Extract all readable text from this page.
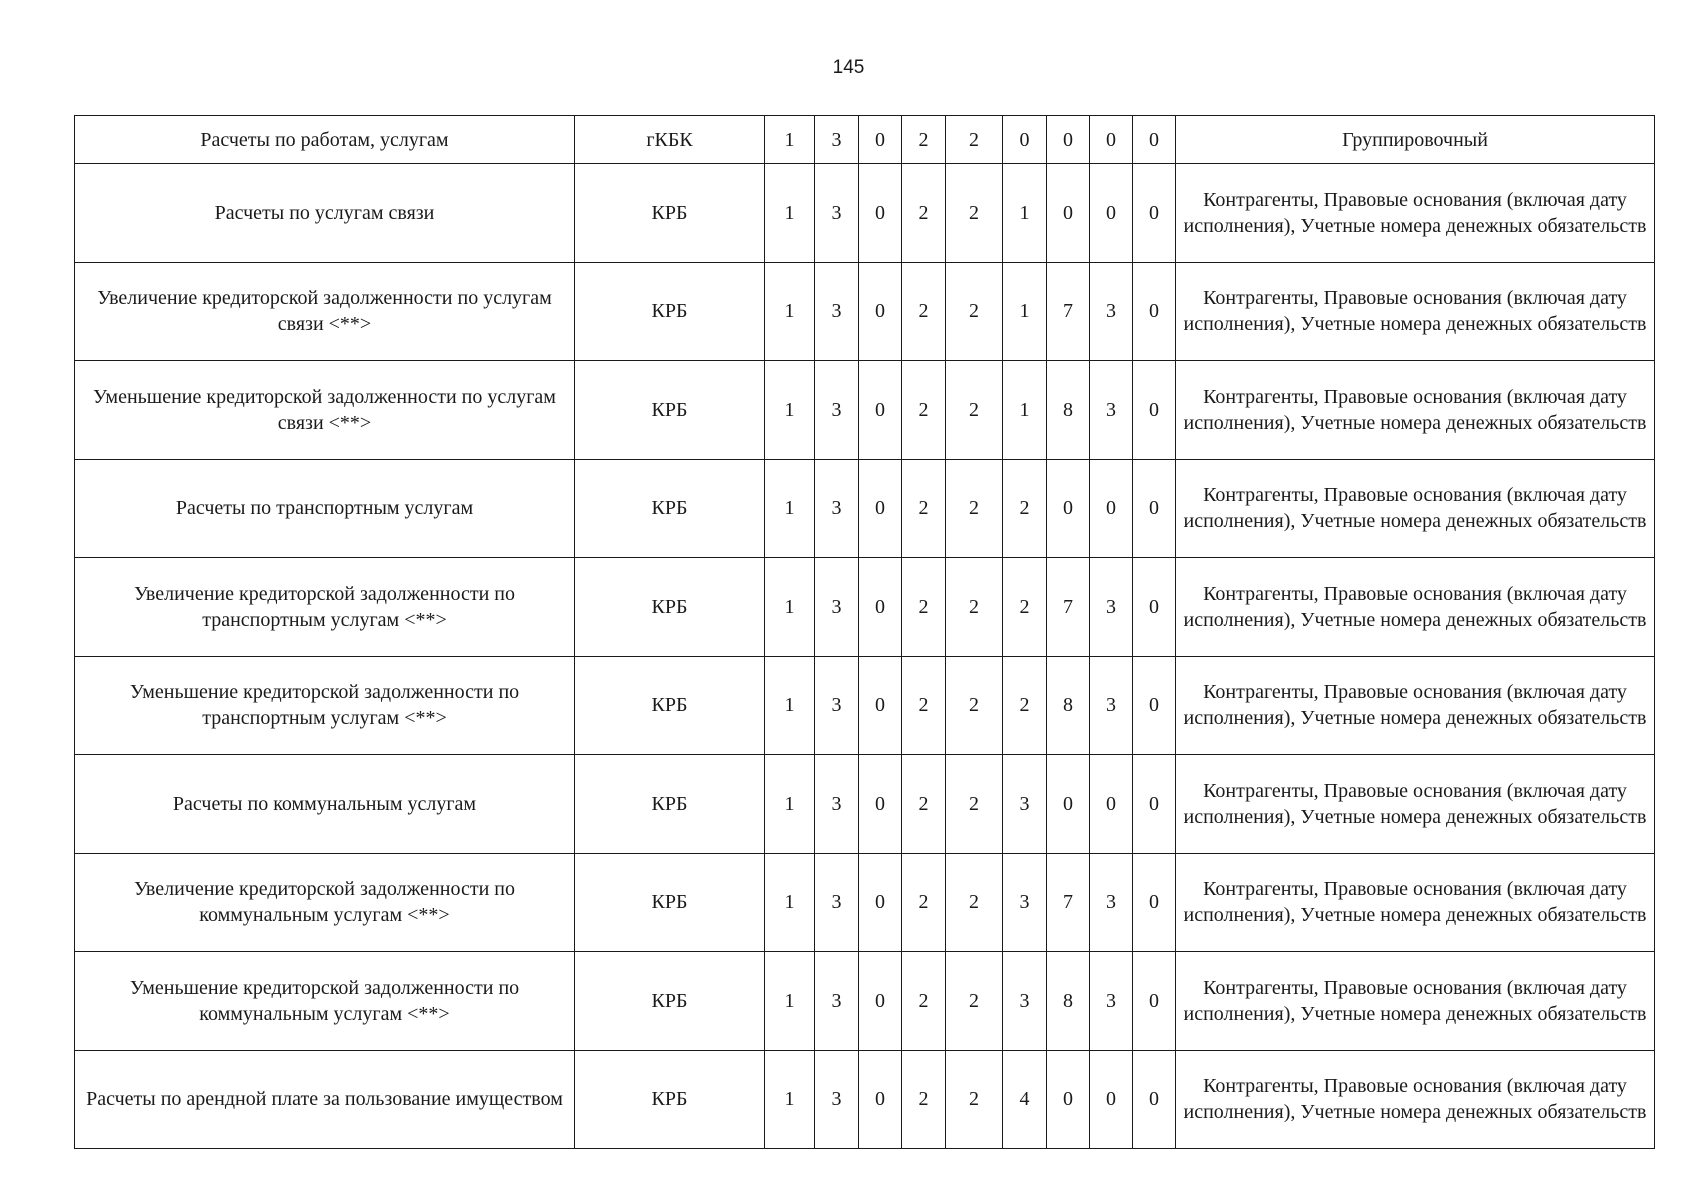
145
Расчеты по работам, услугам	гКБК	1	3	0	2	2	0	0	0	0	Группировочный
Расчеты по услугам связи	КРБ	1	3	0	2	2	1	0	0	0	Контрагенты, Правовые основания (включая дату исполнения), Учетные номера денежных обязательств
Увеличение кредиторской задолженности по услугам связи <**>	КРБ	1	3	0	2	2	1	7	3	0	Контрагенты, Правовые основания (включая дату исполнения), Учетные номера денежных обязательств
Уменьшение кредиторской задолженности по услугам связи <**>	КРБ	1	3	0	2	2	1	8	3	0	Контрагенты, Правовые основания (включая дату исполнения), Учетные номера денежных обязательств
Расчеты по транспортным услугам	КРБ	1	3	0	2	2	2	0	0	0	Контрагенты, Правовые основания (включая дату исполнения), Учетные номера денежных обязательств
Увеличение кредиторской задолженности по транспортным услугам <**>	КРБ	1	3	0	2	2	2	7	3	0	Контрагенты, Правовые основания (включая дату исполнения), Учетные номера денежных обязательств
Уменьшение кредиторской задолженности по транспортным услугам <**>	КРБ	1	3	0	2	2	2	8	3	0	Контрагенты, Правовые основания (включая дату исполнения), Учетные номера денежных обязательств
Расчеты по коммунальным услугам	КРБ	1	3	0	2	2	3	0	0	0	Контрагенты, Правовые основания (включая дату исполнения), Учетные номера денежных обязательств
Увеличение кредиторской задолженности по коммунальным услугам <**>	КРБ	1	3	0	2	2	3	7	3	0	Контрагенты, Правовые основания (включая дату исполнения), Учетные номера денежных обязательств
Уменьшение кредиторской задолженности по коммунальным услугам <**>	КРБ	1	3	0	2	2	3	8	3	0	Контрагенты, Правовые основания (включая дату исполнения), Учетные номера денежных обязательств
Расчеты по арендной плате за пользование имуществом	КРБ	1	3	0	2	2	4	0	0	0	Контрагенты, Правовые основания (включая дату исполнения), Учетные номера денежных обязательств
